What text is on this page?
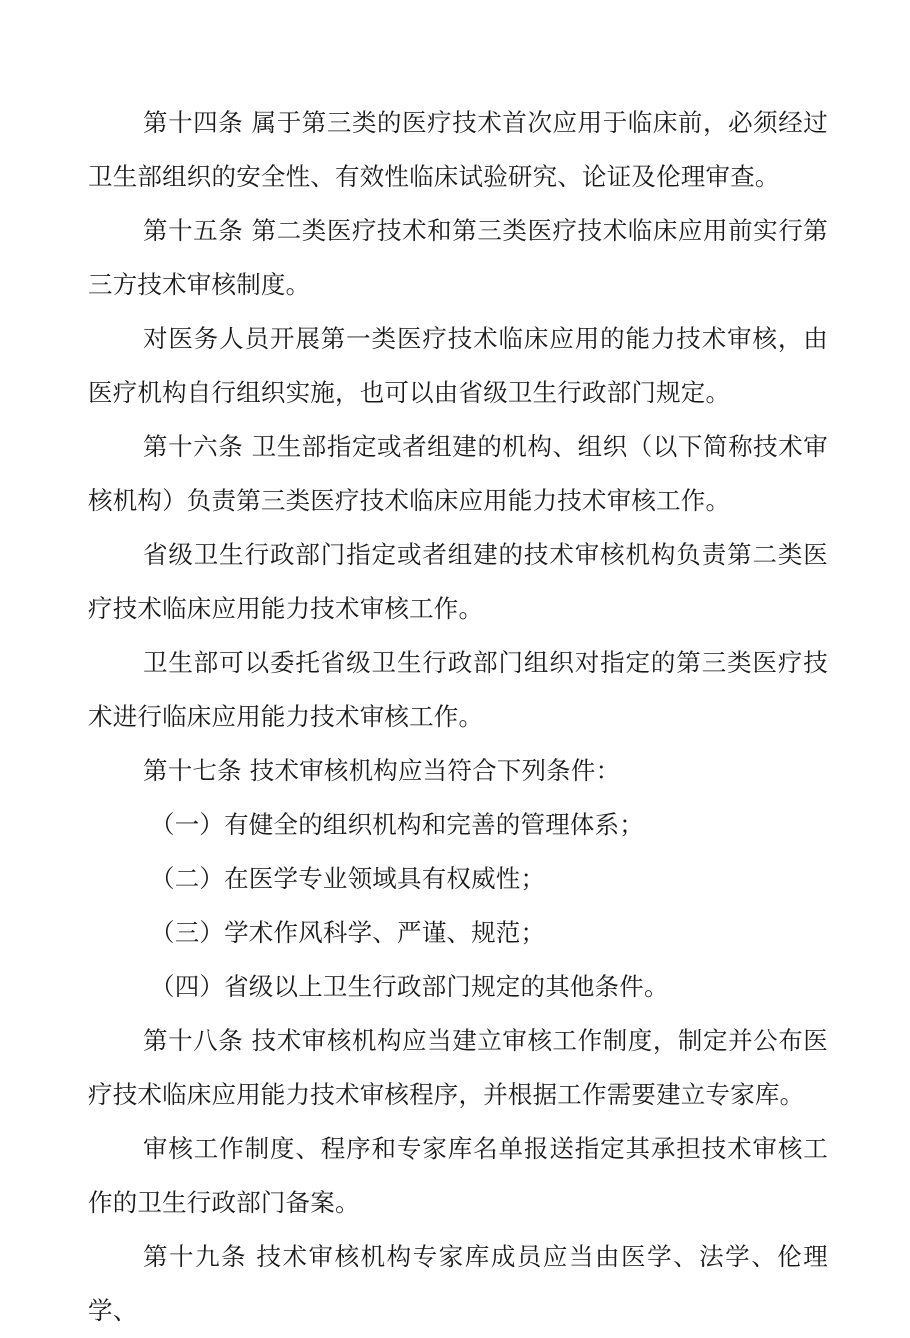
第十四条 属于第三类的医疗技术首次应用于临床前，必须经过卫生部组织的安全性、有效性临床试验研究、论证及伦理审查。

第十五条 第二类医疗技术和第三类医疗技术临床应用前实行第三方技术审核制度。

对医务人员开展第一类医疗技术临床应用的能力技术审核，由医疗机构自行组织实施，也可以由省级卫生行政部门规定。

第十六条 卫生部指定或者组建的机构、组织（以下简称技术审核机构）负责第三类医疗技术临床应用能力技术审核工作。

省级卫生行政部门指定或者组建的技术审核机构负责第二类医疗技术临床应用能力技术审核工作。

卫生部可以委托省级卫生行政部门组织对指定的第三类医疗技术进行临床应用能力技术审核工作。

第十七条 技术审核机构应当符合下列条件：

（一）有健全的组织机构和完善的管理体系；

（二）在医学专业领域具有权威性；

（三）学术作风科学、严谨、规范；

（四）省级以上卫生行政部门规定的其他条件。

第十八条 技术审核机构应当建立审核工作制度，制定并公布医疗技术临床应用能力技术审核程序，并根据工作需要建立专家库。

审核工作制度、程序和专家库名单报送指定其承担技术审核工作的卫生行政部门备案。

第十九条 技术审核机构专家库成员应当由医学、法学、伦理学、
